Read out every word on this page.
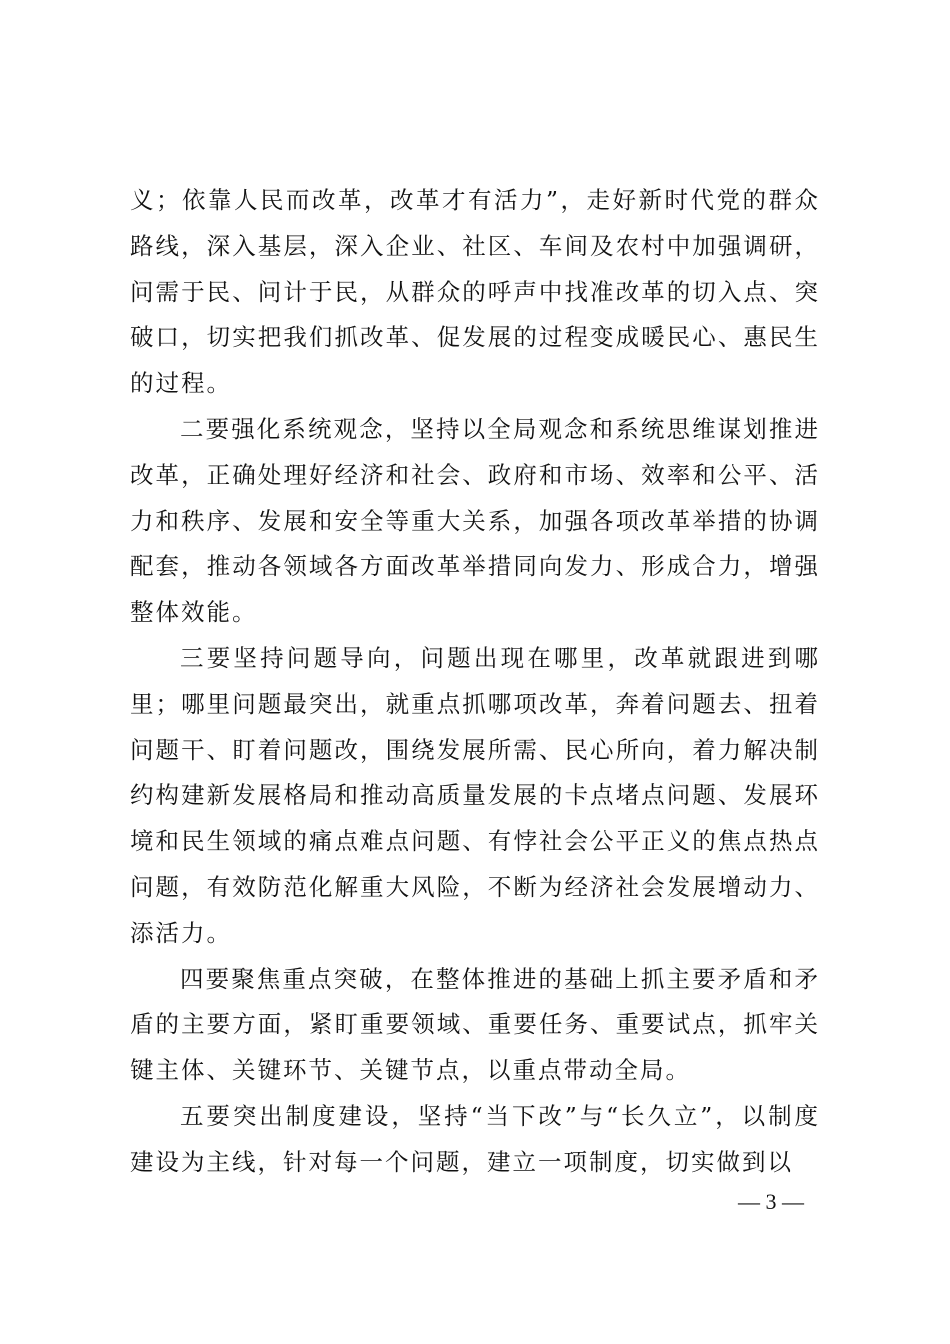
义；依靠人民而改革，改革才有活力”，走好新时代党的群众路线，深入基层，深入企业、社区、车间及农村中加强调研，问需于民、问计于民，从群众的呼声中找准改革的切入点、突破口，切实把我们抓改革、促发展的过程变成暖民心、惠民生的过程。

二要强化系统观念，坚持以全局观念和系统思维谋划推进改革，正确处理好经济和社会、政府和市场、效率和公平、活力和秩序、发展和安全等重大关系，加强各项改革举措的协调配套，推动各领域各方面改革举措同向发力、形成合力，增强整体效能。

三要坚持问题导向，问题出现在哪里，改革就跟进到哪里；哪里问题最突出，就重点抓哪项改革，奔着问题去、扭着问题干、盯着问题改，围绕发展所需、民心所向，着力解决制约构建新发展格局和推动高质量发展的卡点堵点问题、发展环境和民生领域的痛点难点问题、有悖社会公平正义的焦点热点问题，有效防范化解重大风险，不断为经济社会发展增动力、添活力。

四要聚焦重点突破，在整体推进的基础上抓主要矛盾和矛盾的主要方面，紧盯重要领域、重要任务、重要试点，抓牢关键主体、关键环节、关键节点，以重点带动全局。

五要突出制度建设，坚持“当下改”与“长久立”，以制度建设为主线，针对每一个问题，建立一项制度，切实做到以

— 3 —
